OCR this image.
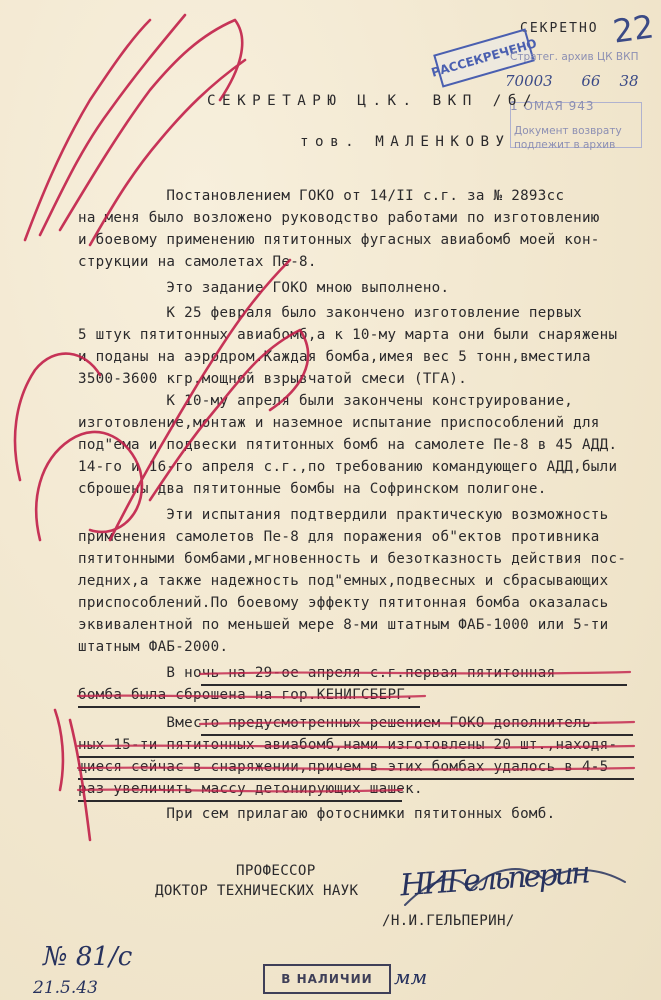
22
СЕКРЕТНО
РАССЕКРЕЧЕНО
Стратег. архив ЦК ВКП
70003 66 38
1 ОМАЯ 943
Документ возврату
подлежит в архив
СЕКРЕТАРЮ Ц.К. ВКП /б/
тов. МАЛЕНКОВУ
Постановлением ГОКО от 14/II с.г. за № 2893сс
на меня было возложено руководство работами по изготовлению
и боевому применению пятитонных фугасных авиабомб моей кон-
струкции на самолетах Пе-8.
Это задание ГОКО мною выполнено.
К 25 февраля было закончено изготовление первых
5 штук пятитонных авиабомб,а к 10-му марта они были снаряжены
и поданы на аэродром.Каждая бомба,имея вес 5 тонн,вместила
3500-3600 кгр.мощной взрывчатой смеси (ТГА).
К 10-му апреля были закончены конструирование,
изготовление,монтаж и наземное испытание приспособлений для
под"ема и подвески пятитонных бомб на самолете Пе-8 в 45 АДД.
14-го и 16-го апреля с.г.,по требованию командующего АДД,были
сброшены два пятитонные бомбы на Софринском полигоне.
Эти испытания подтвердили практическую возможность
применения самолетов Пе-8 для поражения об"ектов противника
пятитонными бомбами,мгновенность и безотказность действия пос-
ледних,а также надежность под"емных,подвесных и сбрасывающих
приспособлений.По боевому эффекту пятитонная бомба оказалась
эквивалентной по меньшей мере 8-ми штатным ФАБ-1000 или 5-ти
штатным ФАБ-2000.
В ночь на 29-ое апреля с.г.первая пятитонная
бомба была сброшена на гор.КЕНИГСБЕРГ.
Вместо предусмотренных решением ГОКО дополнитель-
ных 15-ти пятитонных авиабомб,нами изготовлены 20 шт.,находя-
щиеся сейчас в снаряжении,причем в этих бомбах удалось в 4-5
раз увеличить массу детонирующих шашек.
При сем прилагаю фотоснимки пятитонных бомб.
ПРОФЕССОР
ДОКТОР ТЕХНИЧЕСКИХ НАУК
/Н.И.ГЕЛЬПЕРИН/
НИГельперин
№ 81/с
21.5.43	В НАЛИЧИИ	мм
